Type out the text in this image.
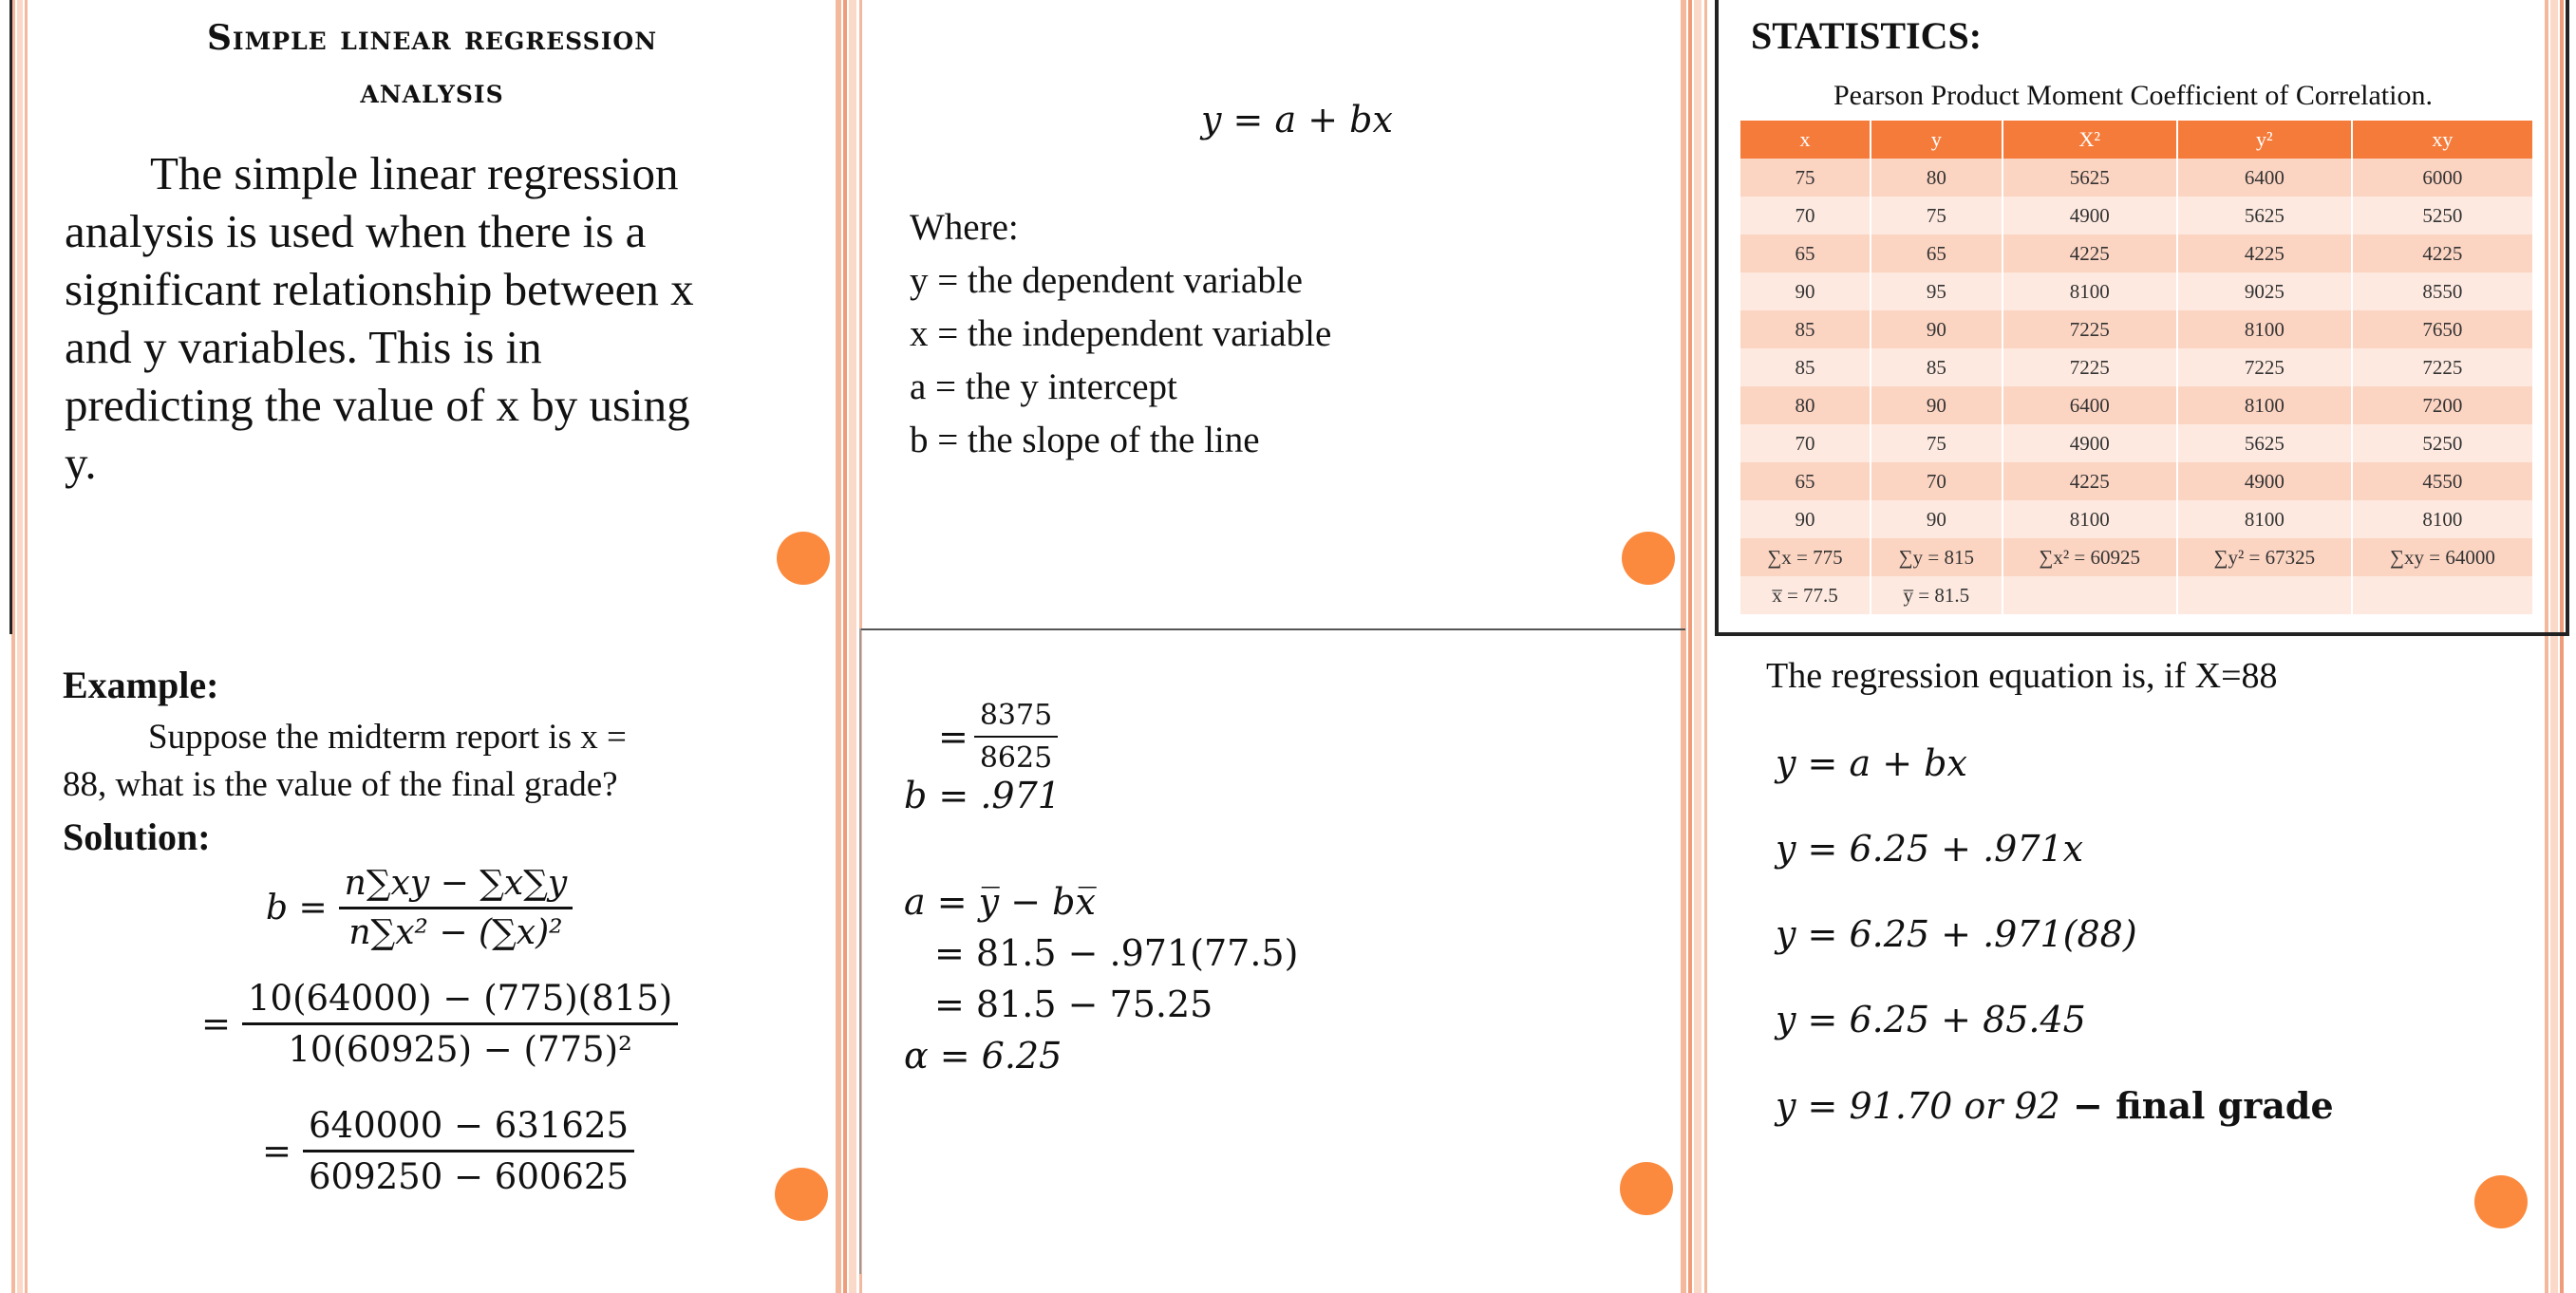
Simple linear regression
analysis
The simple linear regression
analysis is used when there is a
significant relationship between x
and y variables. This is in
predicting the value of x by using
y.
y = a + bx
Where:
y = the dependent variable
x = the independent variable
a = the y intercept
b = the slope of the line
STATISTICS:
Pearson Product Moment Coefficient of Correlation.
x	y	X²	y²	xy
75	80	5625	6400	6000
70	75	4900	5625	5250
65	65	4225	4225	4225
90	95	8100	9025	8550
85	90	7225	8100	7650
85	85	7225	7225	7225
80	90	6400	8100	7200
70	75	4900	5625	5250
65	70	4225	4900	4550
90	90	8100	8100	8100
∑x = 775	∑y = 815	∑x² = 60925	∑y² = 67325	∑xy = 64000
x̅ = 77.5	y̅ = 81.5			
Example:
Suppose the midterm report is x =
88, what is the value of the final grade?
Solution:
$b = \frac{n\sum xy - \sum x\sum y}{\text{n∑x² − (∑x)²}}$
= $\frac{10(64000) - (775)(815)}{\text{10(60925) − (775)²}}$
= $\frac{640000 - 631625}{609250 - 600625}$
= $\frac{8375}{8625}$
b = .971
a = y̅ − bx̅
= 81.5 − .971(77.5)
= 81.5 − 75.25
α = 6.25
The regression equation is, if X=88
y = a + bx
y = 6.25 + .971x
y = 6.25 + .971(88)
y = 6.25 + 85.45
y = 91.70 or 92 − final grade
